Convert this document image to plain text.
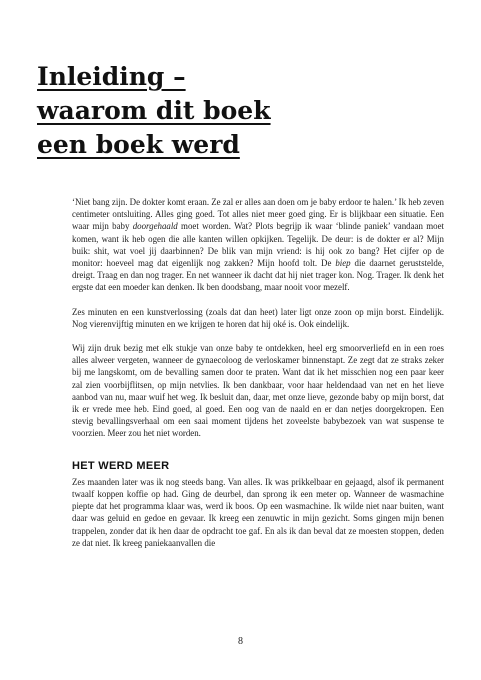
Inleiding –
waarom dit boek
een boek werd

‘Niet bang zijn. De dokter komt eraan. Ze zal er alles aan doen om je baby erdoor te halen.’ Ik heb zeven centimeter ontsluiting. Alles ging goed. Tot alles niet meer goed ging. Er is blijkbaar een situatie. Een waar mijn baby doorgehaald moet worden. Wat? Plots begrijp ik waar ‘blinde paniek’ vandaan moet komen, want ik heb ogen die alle kanten willen opkijken. Tegelijk. De deur: is de dokter er al? Mijn buik: shit, wat voel jij daarbinnen? De blik van mijn vriend: is hij ook zo bang? Het cijfer op de monitor: hoeveel mag dat eigenlijk nog zakken? Mijn hoofd tolt. De biep die daarnet geruststelde, dreigt. Traag en dan nog trager. En net wanneer ik dacht dat hij niet trager kon. Nog. Trager. Ik denk het ergste dat een moeder kan denken. Ik ben doodsbang, maar nooit voor mezelf.

Zes minuten en een kunstverlossing (zoals dat dan heet) later ligt onze zoon op mijn borst. Eindelijk. Nog vierenvijftig minuten en we krijgen te horen dat hij oké is. Ook eindelijk.

Wij zijn druk bezig met elk stukje van onze baby te ontdekken, heel erg smoorverliefd en in een roes alles alweer vergeten, wanneer de gynaecoloog de verloskamer binnenstapt. Ze zegt dat ze straks zeker bij me langskomt, om de bevalling samen door te praten. Want dat ik het misschien nog een paar keer zal zien voorbijflitsen, op mijn netvlies. Ik ben dankbaar, voor haar heldendaad van net en het lieve aanbod van nu, maar wuif het weg. Ik besluit dan, daar, met onze lieve, gezonde baby op mijn borst, dat ik er vrede mee heb. Eind goed, al goed. Een oog van de naald en er dan netjes doorgekropen. Een stevig bevallingsverhaal om een saai moment tijdens het zoveelste babybezoek van wat suspense te voorzien. Meer zou het niet worden.

HET WERD MEER

Zes maanden later was ik nog steeds bang. Van alles. Ik was prikkelbaar en gejaagd, alsof ik permanent twaalf koppen koffie op had. Ging de deurbel, dan sprong ik een meter op. Wanneer de wasmachine piepte dat het programma klaar was, werd ik boos. Op een wasmachine. Ik wilde niet naar buiten, want daar was geluid en gedoe en gevaar. Ik kreeg een zenuwtic in mijn gezicht. Soms gingen mijn benen trappelen, zonder dat ik hen daar de opdracht toe gaf. En als ik dan beval dat ze moesten stoppen, deden ze dat niet. Ik kreeg paniekaanvallen die

8
